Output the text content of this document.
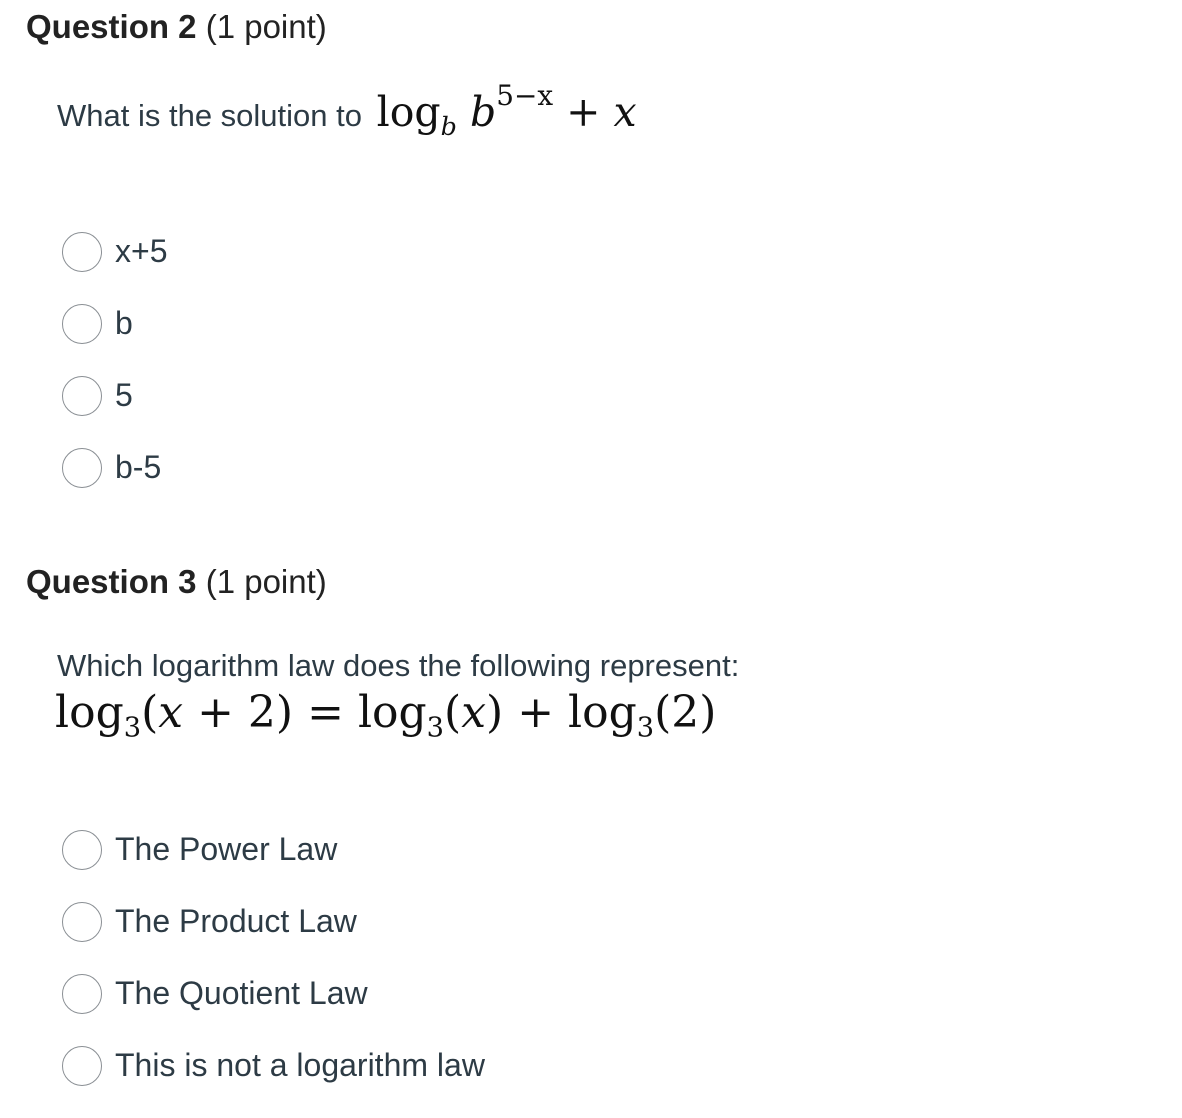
Question 2 (1 point)
What is the solution to $\log_b b^{5-x} + x$
x+5
b
5
b-5
Question 3 (1 point)
Which logarithm law does the following represent:
$\log_3(x + 2) = \log_3(x) + \log_3(2)$
The Power Law
The Product Law
The Quotient Law
This is not a logarithm law
